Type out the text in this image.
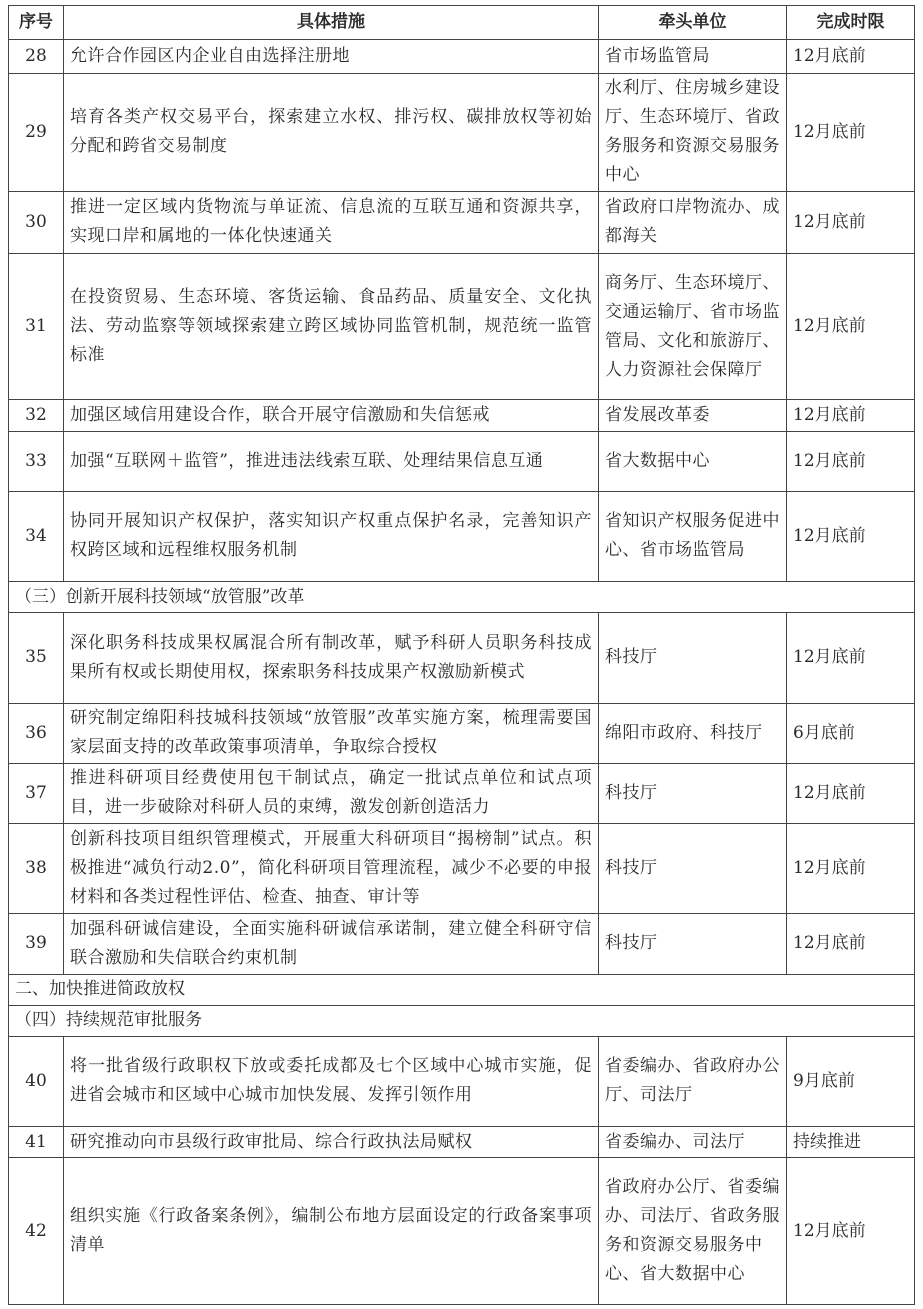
序号	具体措施	牵头单位	完成时限
28	允许合作园区内企业自由选择注册地	省市场监管局	12月底前
29	培育各类产权交易平台，探索建立水权、排污权、碳排放权等初始分配和跨省交易制度	水利厅、住房城乡建设厅、生态环境厅、省政务服务和资源交易服务中心	12月底前
30	推进一定区域内货物流与单证流、信息流的互联互通和资源共享，实现口岸和属地的一体化快速通关	省政府口岸物流办、成都海关	12月底前
31	在投资贸易、生态环境、客货运输、食品药品、质量安全、文化执法、劳动监察等领域探索建立跨区域协同监管机制，规范统一监管标准	商务厅、生态环境厅、交通运输厅、省市场监管局、文化和旅游厅、人力资源社会保障厅	12月底前
32	加强区域信用建设合作，联合开展守信激励和失信惩戒	省发展改革委	12月底前
33	加强“互联网＋监管”，推进违法线索互联、处理结果信息互通	省大数据中心	12月底前
34	协同开展知识产权保护，落实知识产权重点保护名录，完善知识产权跨区域和远程维权服务机制	省知识产权服务促进中心、省市场监管局	12月底前
（三）创新开展科技领域“放管服”改革			
35	深化职务科技成果权属混合所有制改革，赋予科研人员职务科技成果所有权或长期使用权，探索职务科技成果产权激励新模式	科技厅	12月底前
36	研究制定绵阳科技城科技领域“放管服”改革实施方案，梳理需要国家层面支持的改革政策事项清单，争取综合授权	绵阳市政府、科技厅	6月底前
37	推进科研项目经费使用包干制试点，确定一批试点单位和试点项目，进一步破除对科研人员的束缚，激发创新创造活力	科技厅	12月底前
38	创新科技项目组织管理模式，开展重大科研项目“揭榜制”试点。积极推进“减负行动2.0”，简化科研项目管理流程，减少不必要的申报材料和各类过程性评估、检查、抽查、审计等	科技厅	12月底前
39	加强科研诚信建设，全面实施科研诚信承诺制，建立健全科研守信联合激励和失信联合约束机制	科技厅	12月底前
二、加快推进简政放权			
（四）持续规范审批服务			
40	将一批省级行政职权下放或委托成都及七个区域中心城市实施，促进省会城市和区域中心城市加快发展、发挥引领作用	省委编办、省政府办公厅、司法厅	9月底前
41	研究推动向市县级行政审批局、综合行政执法局赋权	省委编办、司法厅	持续推进
42	组织实施《行政备案条例》，编制公布地方层面设定的行政备案事项清单	省政府办公厅、省委编办、司法厅、省政务服务和资源交易服务中心、省大数据中心	12月底前
